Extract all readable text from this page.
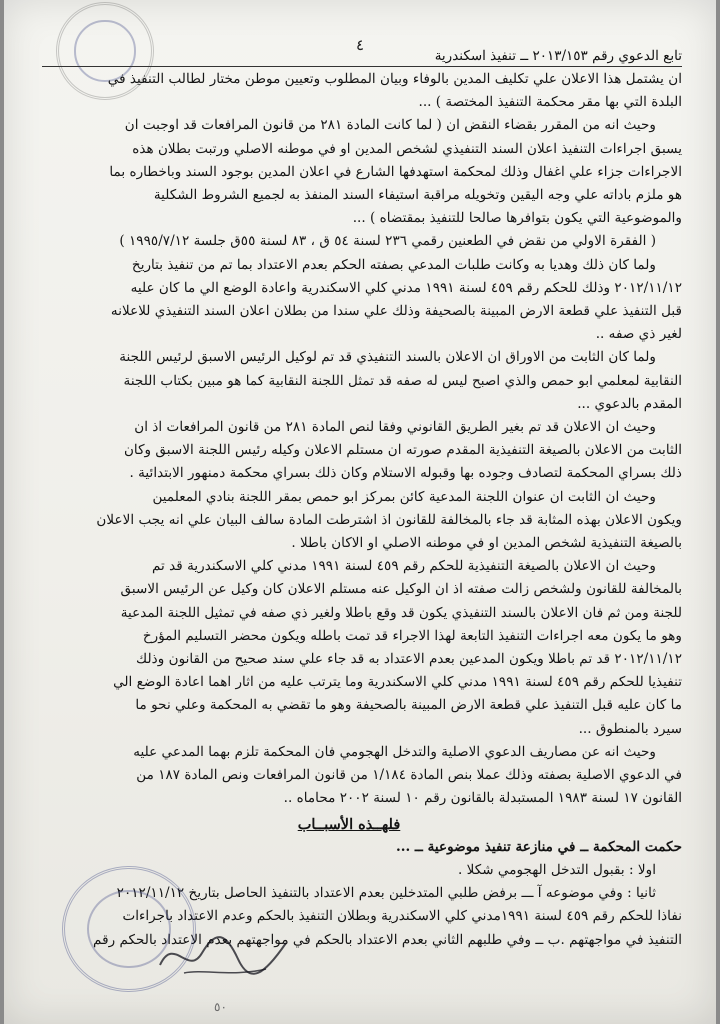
٤
تابع الدعوي رقم ٢٠١٣/١٥٣ ــ تنفيذ اسكندرية

ان يشتمل هذا الاعلان علي تكليف المدين بالوفاء وبيان المطلوب وتعيين موطن مختار لطالب التنفيذ في

البلدة التي بها مقر محكمة التنفيذ المختصة ) ...

وحيث انه من المقرر بقضاء النقض ان ( لما كانت المادة ٢٨١ من قانون المرافعات قد اوجبت ان

يسبق اجراءات التنفيذ اعلان السند التنفيذي لشخص المدين او في موطنه الاصلي ورتبت بطلان هذه

الاجراءات جزاء علي اغفال وذلك لمحكمة استهدفها الشارع في اعلان المدين بوجود السند وباخطاره بما

هو ملزم باداته علي وجه اليقين وتخويله مراقبة استيفاء السند المنفذ به لجميع الشروط الشكلية

والموضوعية التي يكون بتوافرها صالحا للتنفيذ بمقتضاه ) ...

( الفقرة الاولي من نقض في الطعنين رقمي ٢٣٦ لسنة ٥٤ ق ، ٨٣ لسنة ٥٥ق جلسة ١٩٩٥/٧/١٢ )

ولما كان ذلك وهديا به وكانت طلبات المدعي بصفته الحكم بعدم الاعتداد بما تم من تنفيذ بتاريخ

٢٠١٢/١١/١٢ وذلك للحكم رقم ٤٥٩ لسنة ١٩٩١ مدني كلي الاسكندرية واعادة الوضع الي ما كان عليه

قبل التنفيذ علي قطعة الارض المبينة بالصحيفة وذلك علي سندا من بطلان اعلان السند التنفيذي للاعلانه

لغير ذي صفه ..

ولما كان الثابت من الاوراق ان الاعلان بالسند التنفيذي قد تم لوكيل الرئيس الاسبق لرئيس اللجنة

النقابية لمعلمي ابو حمص والذي اصبح ليس له صفه قد تمثل اللجنة النقابية كما هو مبين بكتاب اللجنة

المقدم بالدعوي ...

وحيث ان الاعلان قد تم بغير الطريق القانوني وفقا لنص المادة ٢٨١ من قانون المرافعات اذ ان

الثابت من الاعلان بالصيغة التنفيذية المقدم صورته ان مستلم الاعلان وكيله رئيس اللجنة الاسبق وكان

ذلك بسراي المحكمة لتصادف وجوده بها وقبوله الاستلام وكان ذلك بسراي محكمة دمنهور الابتدائية .

وحيث ان الثابت ان عنوان اللجنة المدعية كائن بمركز ابو حمص بمقر اللجنة بنادي المعلمين

ويكون الاعلان بهذه المثابة قد جاء بالمخالفة للقانون اذ اشترطت المادة سالف البيان علي انه يجب الاعلان

بالصيغة التنفيذية لشخص المدين او في موطنه الاصلي او الاكان باطلا .

وحيث ان الاعلان بالصيغة التنفيذية للحكم رقم ٤٥٩ لسنة ١٩٩١ مدني كلي الاسكندرية قد تم

بالمخالفة للقانون ولشخص زالت صفته اذ ان الوكيل عنه مستلم الاعلان كان وكيل عن الرئيس الاسبق

للجنة ومن ثم فان الاعلان بالسند التنفيذي يكون قد وقع باطلا ولغير ذي صفه في تمثيل اللجنة المدعية

وهو ما يكون معه اجراءات التنفيذ التابعة لهذا الاجراء قد تمت باطله ويكون محضر التسليم المؤرخ

٢٠١٢/١١/١٢ قد تم باطلا ويكون المدعين بعدم الاعتداد به قد جاء علي سند صحيح من القانون وذلك

تنفيذيا للحكم رقم ٤٥٩ لسنة ١٩٩١ مدني كلي الاسكندرية وما يترتب عليه من اثار اهما اعادة الوضع الي

ما كان عليه قبل التنفيذ علي قطعة الارض المبينة بالصحيفة وهو ما تقضي به المحكمة وعلي نحو ما

سيرد بالمنطوق ...

وحيث انه عن مصاريف الدعوي الاصلية والتدخل الهجومي فان المحكمة تلزم بهما المدعي عليه

في الدعوي الاصلية بصفته وذلك عملا بنص المادة ١/١٨٤ من قانون المرافعات ونص المادة ١٨٧ من

القانون ١٧ لسنة ١٩٨٣ المستبدلة بالقانون رقم ١٠ لسنة ٢٠٠٢ محاماه ..

فلهــذه الأسبــاب

حكمت المحكمة ــ في منازعة تنفيذ موضوعية ــ ...

اولا : بقبول التدخل الهجومي شكلا .

ثانيا : وفي موضوعه آ ـــ برفض طلبي المتدخلين بعدم الاعتداد بالتنفيذ الحاصل بتاريخ ٢٠١٢/١١/١٢

نفاذا للحكم رقم ٤٥٩ لسنة ١٩٩١مدني كلي الاسكندرية وبطلان التنفيذ بالحكم وعدم الاعتداد باجراءات

التنفيذ في مواجهتهم .ب ــ وفي طلبهم الثاني بعدم الاعتداد بالحكم في مواجهتهم بعدم الاعتداد بالحكم رقم

٥٠
